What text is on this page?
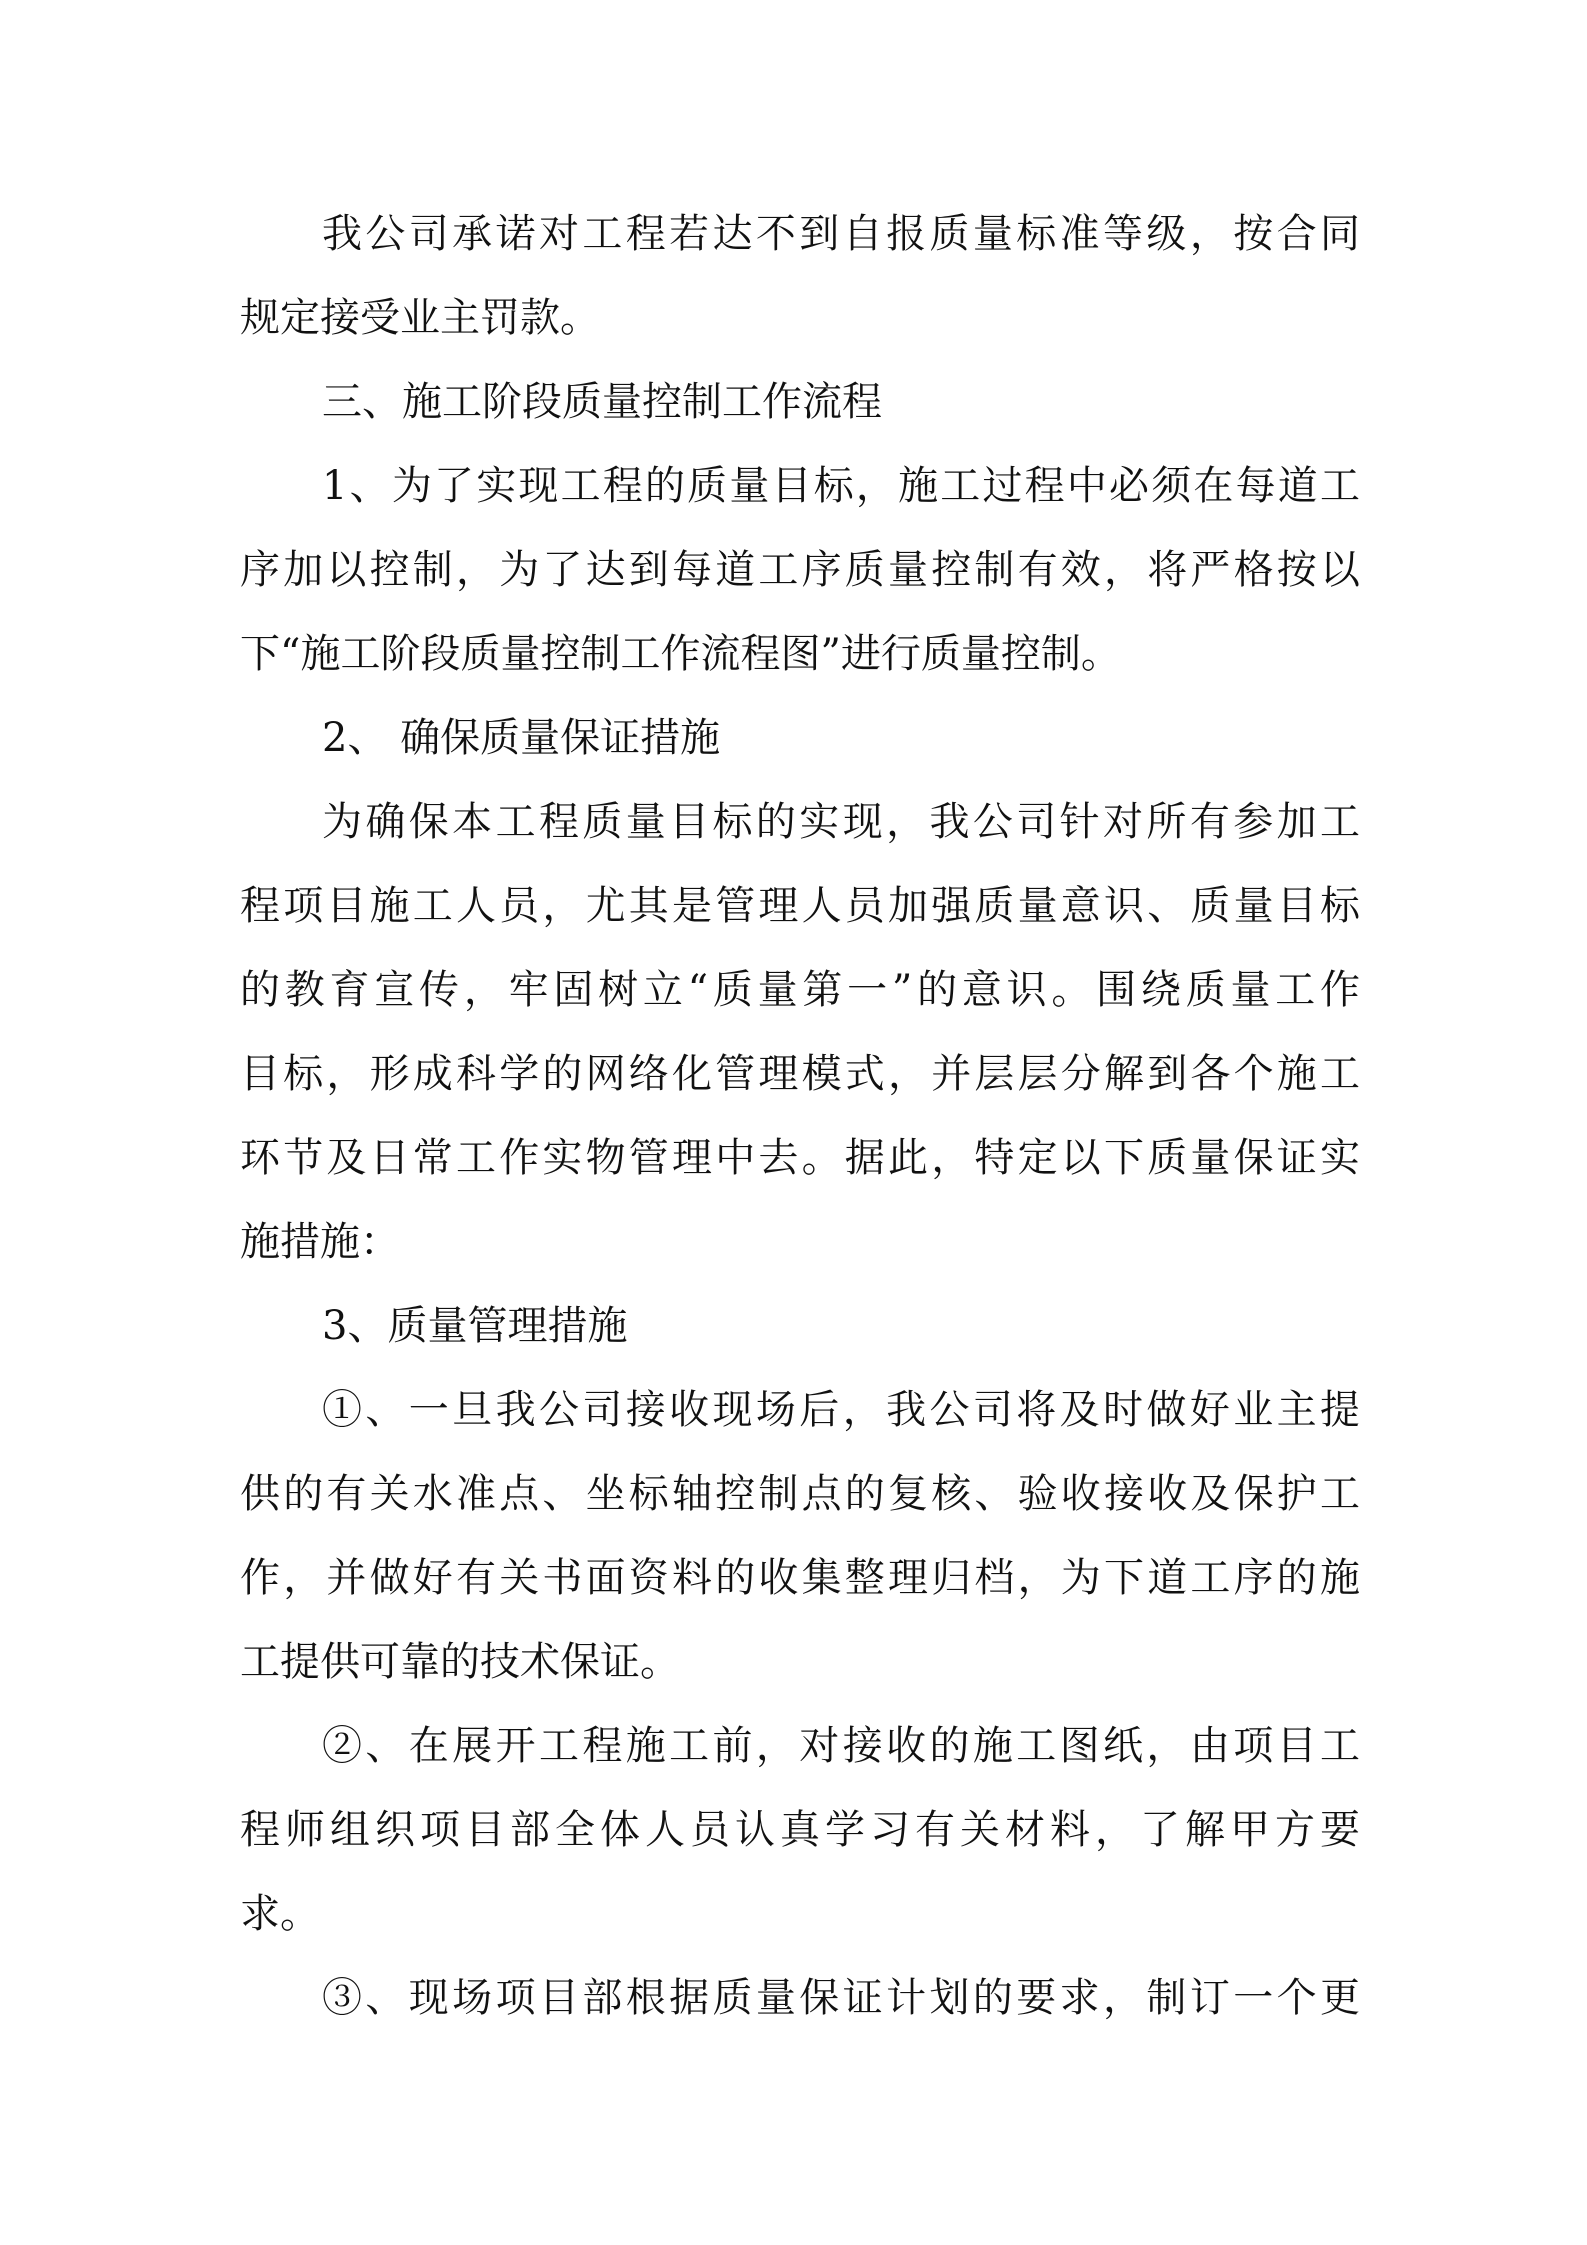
我公司承诺对工程若达不到自报质量标准等级，按合同
规定接受业主罚款。
三、施工阶段质量控制工作流程
1、为了实现工程的质量目标，施工过程中必须在每道工
序加以控制，为了达到每道工序质量控制有效，将严格按以
下“施工阶段质量控制工作流程图”进行质量控制。
2、 确保质量保证措施
为确保本工程质量目标的实现，我公司针对所有参加工
程项目施工人员，尤其是管理人员加强质量意识、质量目标
的教育宣传，牢固树立“质量第一”的意识。围绕质量工作
目标，形成科学的网络化管理模式，并层层分解到各个施工
环节及日常工作实物管理中去。据此，特定以下质量保证实
施措施：
3、质量管理措施
①、一旦我公司接收现场后，我公司将及时做好业主提
供的有关水准点、坐标轴控制点的复核、验收接收及保护工
作，并做好有关书面资料的收集整理归档，为下道工序的施
工提供可靠的技术保证。
②、在展开工程施工前，对接收的施工图纸，由项目工
程师组织项目部全体人员认真学习有关材料，了解甲方要
求。
③、现场项目部根据质量保证计划的要求，制订一个更
